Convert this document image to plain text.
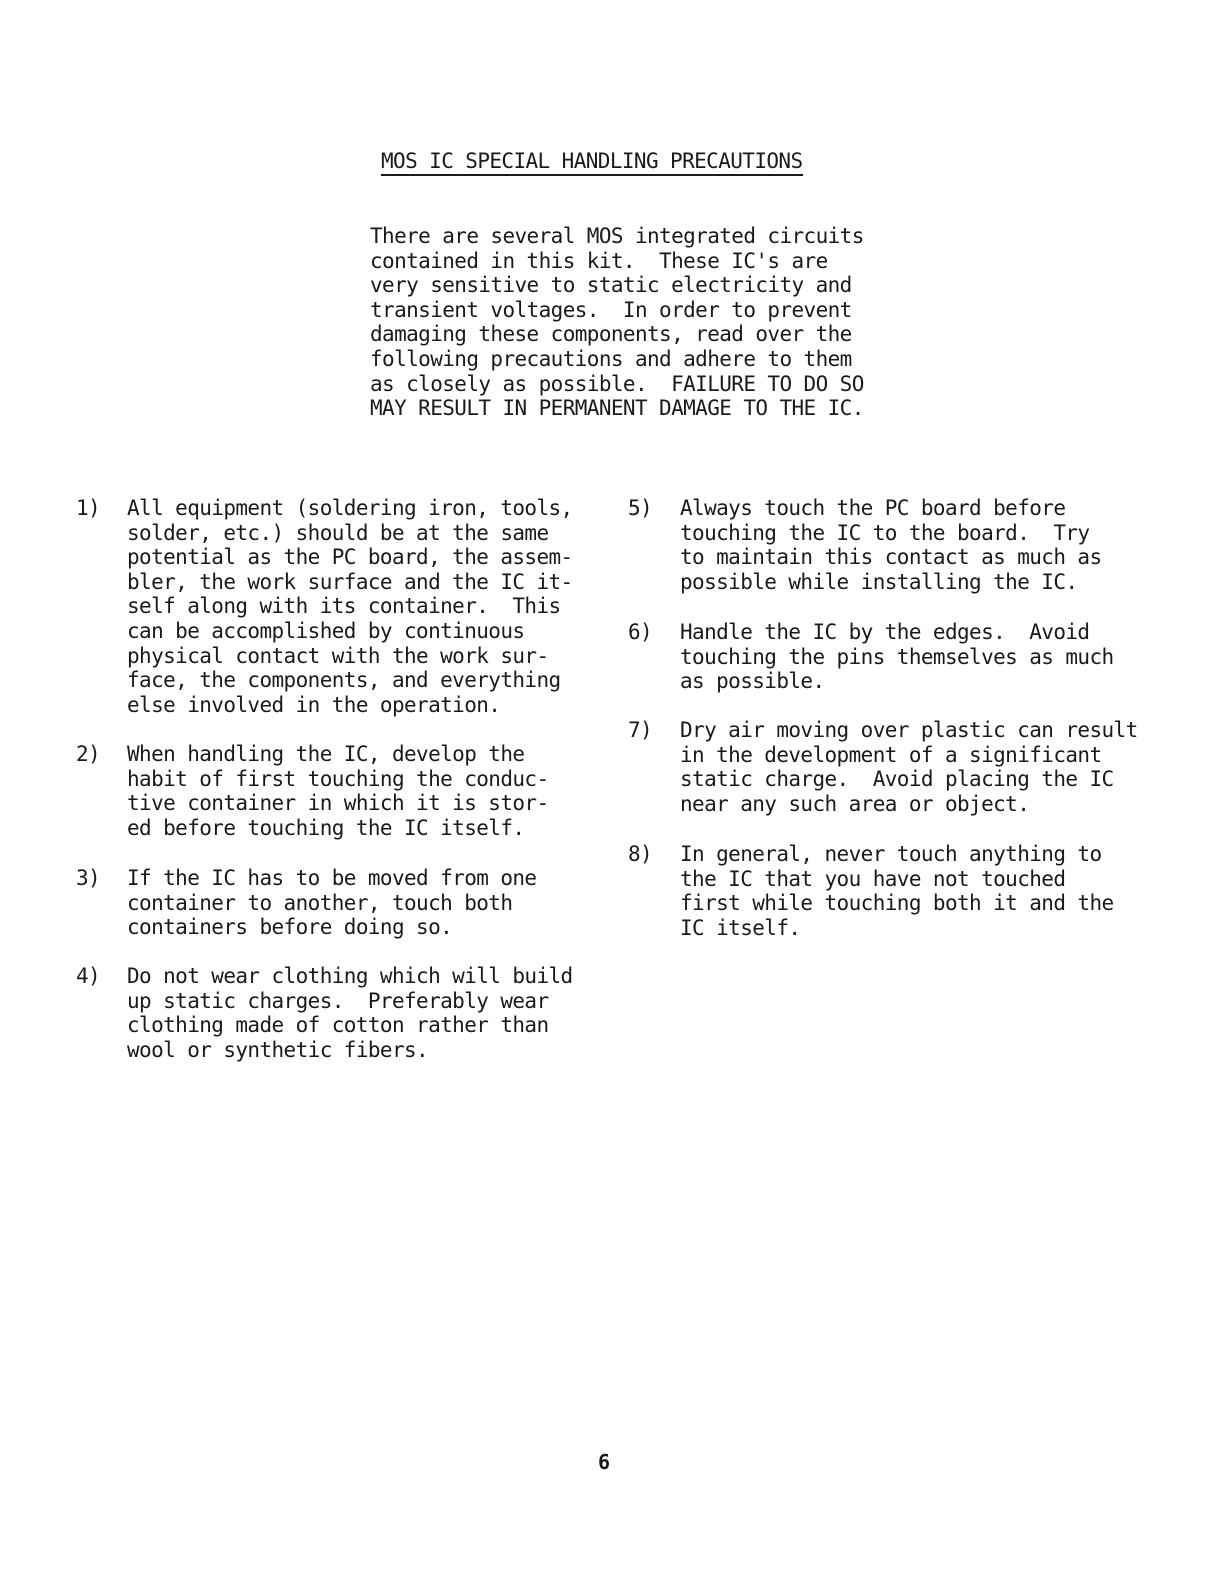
MOS IC SPECIAL HANDLING PRECAUTIONS
There are several MOS integrated circuits
contained in this kit.  These IC's are
very sensitive to static electricity and
transient voltages.  In order to prevent
damaging these components, read over the
following precautions and adhere to them
as closely as possible.  FAILURE TO DO SO
MAY RESULT IN PERMANENT DAMAGE TO THE IC.
1) All equipment (soldering iron, tools,
solder, etc.) should be at the same
potential as the PC board, the assem-
bler, the work surface and the IC it-
self along with its container.  This
can be accomplished by continuous
physical contact with the work sur-
face, the components, and everything
else involved in the operation.
2) When handling the IC, develop the
habit of first touching the conduc-
tive container in which it is stor-
ed before touching the IC itself.
3) If the IC has to be moved from one
container to another, touch both
containers before doing so.
4) Do not wear clothing which will build
up static charges.  Preferably wear
clothing made of cotton rather than
wool or synthetic fibers.
5) Always touch the PC board before
touching the IC to the board.  Try
to maintain this contact as much as
possible while installing the IC.
6) Handle the IC by the edges.  Avoid
touching the pins themselves as much
as possible.
7) Dry air moving over plastic can result
in the development of a significant
static charge.  Avoid placing the IC
near any such area or object.
8) In general, never touch anything to
the IC that you have not touched
first while touching both it and the
IC itself.
6
